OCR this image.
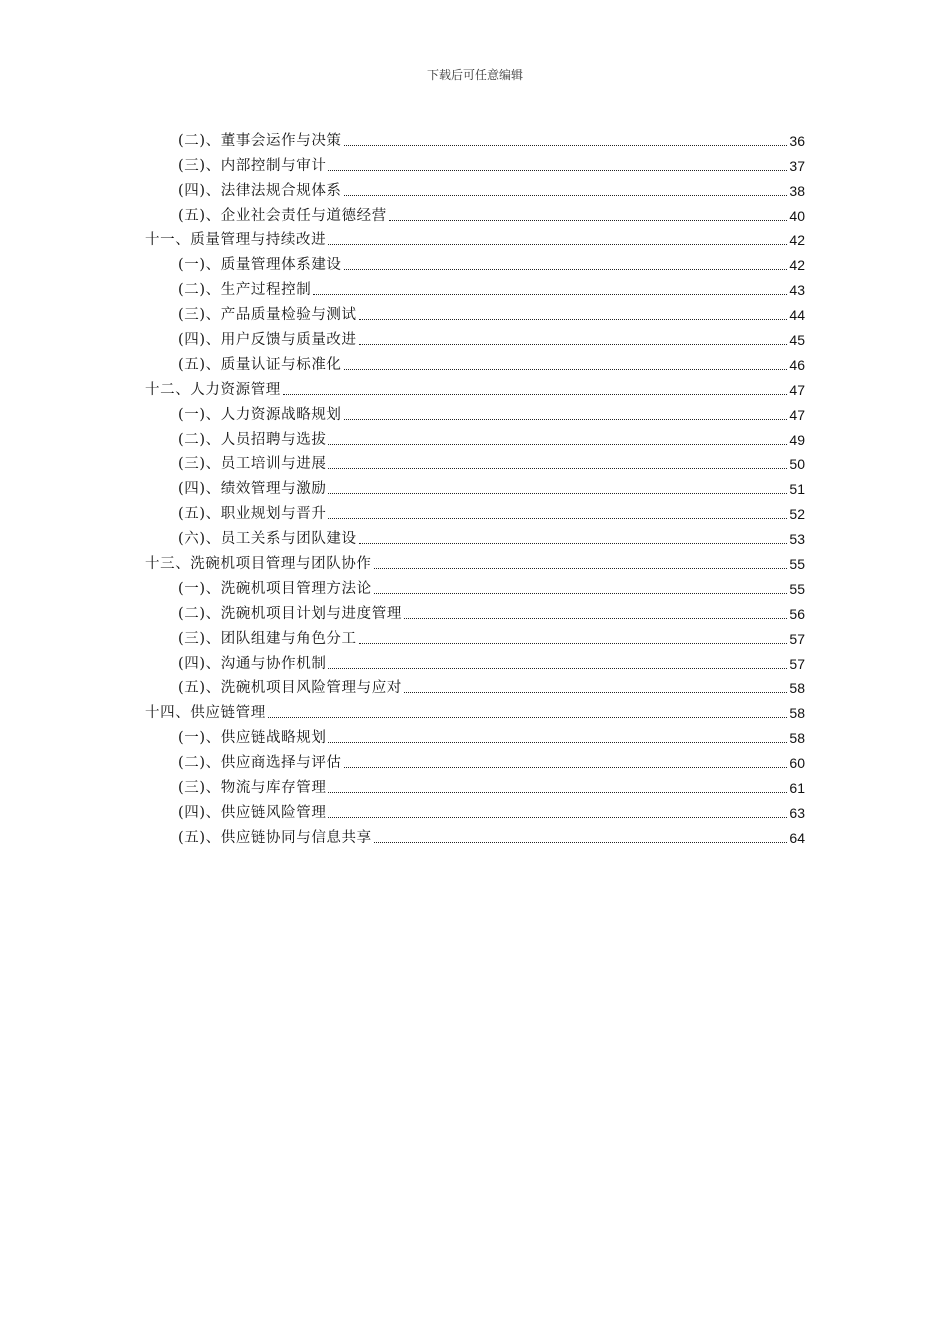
下载后可任意编辑
(二)、董事会运作与决策	36
(三)、内部控制与审计	37
(四)、法律法规合规体系	38
(五)、企业社会责任与道德经营	40
十一、质量管理与持续改进	42
(一)、质量管理体系建设	42
(二)、生产过程控制	43
(三)、产品质量检验与测试	44
(四)、用户反馈与质量改进	45
(五)、质量认证与标准化	46
十二、人力资源管理	47
(一)、人力资源战略规划	47
(二)、人员招聘与选拔	49
(三)、员工培训与进展	50
(四)、绩效管理与激励	51
(五)、职业规划与晋升	52
(六)、员工关系与团队建设	53
十三、洗碗机项目管理与团队协作	55
(一)、洗碗机项目管理方法论	55
(二)、洗碗机项目计划与进度管理	56
(三)、团队组建与角色分工	57
(四)、沟通与协作机制	57
(五)、洗碗机项目风险管理与应对	58
十四、供应链管理	58
(一)、供应链战略规划	58
(二)、供应商选择与评估	60
(三)、物流与库存管理	61
(四)、供应链风险管理	63
(五)、供应链协同与信息共享	64
